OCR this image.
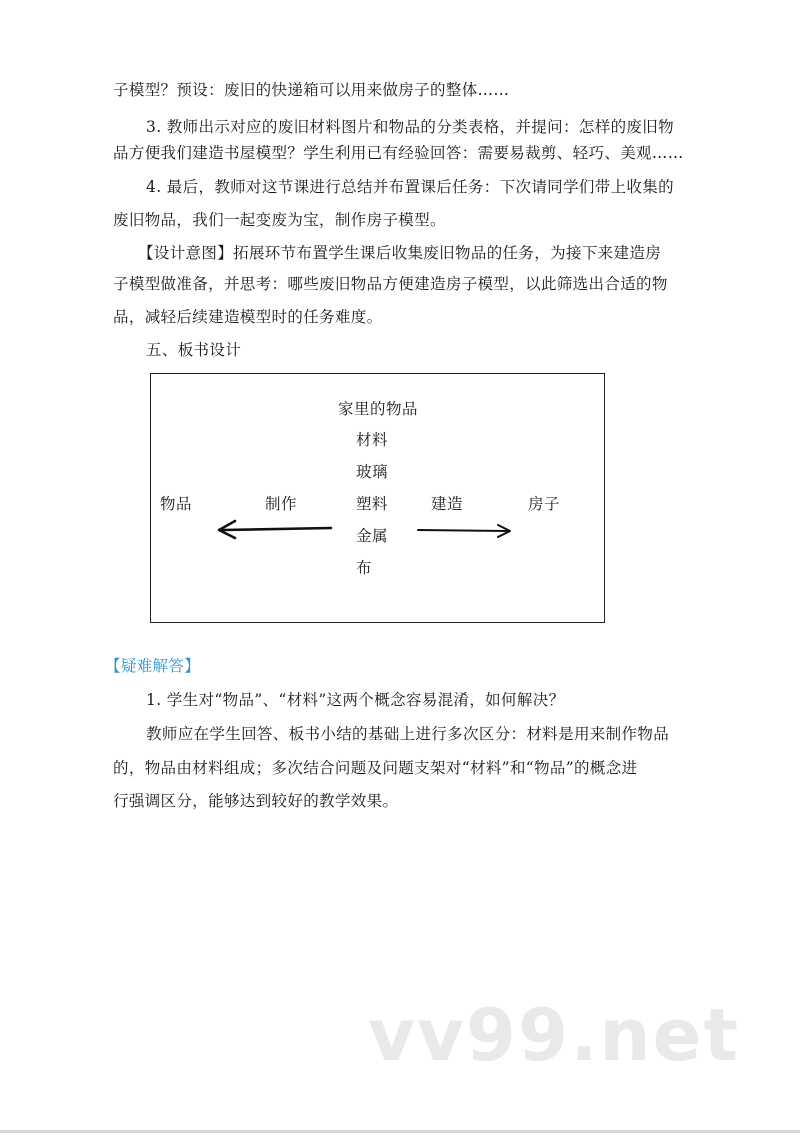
子模型？预设：废旧的快递箱可以用来做房子的整体……
3. 教师出示对应的废旧材料图片和物品的分类表格，并提问：怎样的废旧物
品方便我们建造书屋模型？学生利用已有经验回答：需要易裁剪、轻巧、美观……
4. 最后，教师对这节课进行总结并布置课后任务：下次请同学们带上收集的
废旧物品，我们一起变废为宝，制作房子模型。
【设计意图】拓展环节布置学生课后收集废旧物品的任务，为接下来建造房
子模型做准备，并思考：哪些废旧物品方便建造房子模型，以此筛选出合适的物
品，减轻后续建造模型时的任务难度。
五、板书设计
家里的物品
材料
玻璃
塑料
金属
布
物品	制作	建造	房子
【疑难解答】
1. 学生对“物品”、“材料”这两个概念容易混淆，如何解决？
教师应在学生回答、板书小结的基础上进行多次区分：材料是用来制作物品
的，物品由材料组成；多次结合问题及问题支架对“材料”和“物品”的概念进
行强调区分，能够达到较好的教学效果。
vv99.net
